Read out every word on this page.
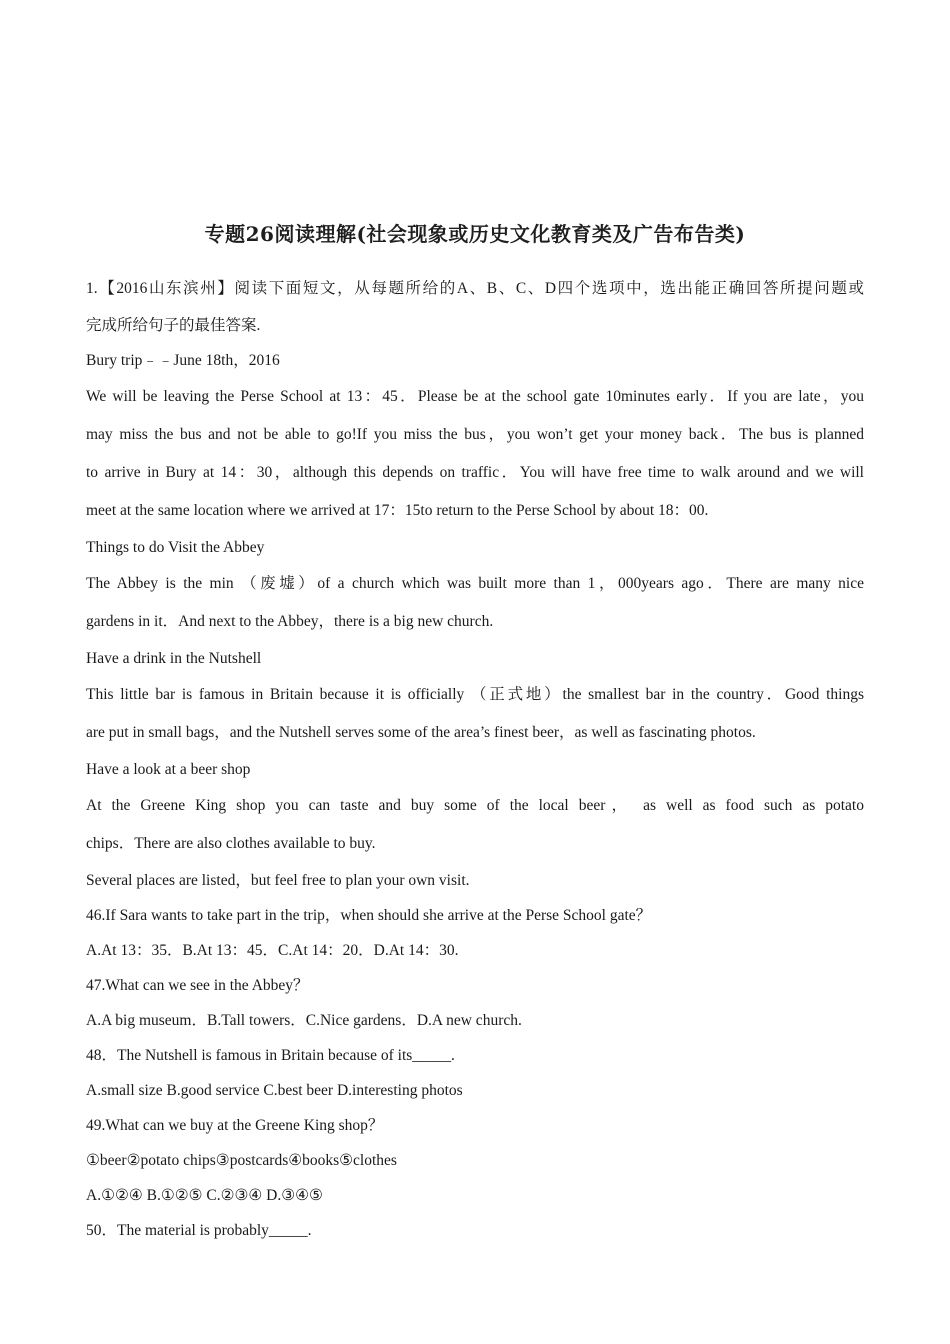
专题26阅读理解(社会现象或历史文化教育类及广告布告类)

1.【2016山东滨州】阅读下面短文，从每题所给的A、B、C、D四个选项中，选出能正确回答所提问题或

完成所给句子的最佳答案.

Bury trip﹣﹣June 18th，2016

We will be leaving the Perse School at 13：45．Please be at the school gate 10minutes early．If you are late，you

may miss the bus and not be able to go!If you miss the bus，you won’t get your money back．The bus is planned

to arrive in Bury at 14：30，although this depends on traffic．You will have free time to walk around and we will

meet at the same location where we arrived at 17：15to return to the Perse School by about 18：00.

Things to do Visit the Abbey

The Abbey is the min （废墟）of a church which was built more than 1，000years ago．There are many nice

gardens in it．And next to the Abbey，there is a big new church.

Have a drink in the Nutshell

This little bar is famous in Britain because it is officially （正式地）the smallest bar in the country．Good things

are put in small bags，and the Nutshell serves some of the area’s finest beer，as well as fascinating photos.

Have a look at a beer shop

At the Greene King shop you can taste and buy some of the local beer， as well as food such as potato

chips．There are also clothes available to buy.

Several places are listed，but feel free to plan your own visit.

46.If Sara wants to take part in the trip，when should she arrive at the Perse School gate？

A.At 13：35．B.At 13：45．C.At 14：20．D.At 14：30.

47.What can we see in the Abbey？

A.A big museum．B.Tall towers．C.Nice gardens．D.A new church.

48．The Nutshell is famous in Britain because of its_____.

A.small size B.good service C.best beer D.interesting photos

49.What can we buy at the Greene King shop？

①beer②potato chips③postcards④books⑤clothes

A.①②④ B.①②⑤ C.②③④ D.③④⑤

50．The material is probably_____.
